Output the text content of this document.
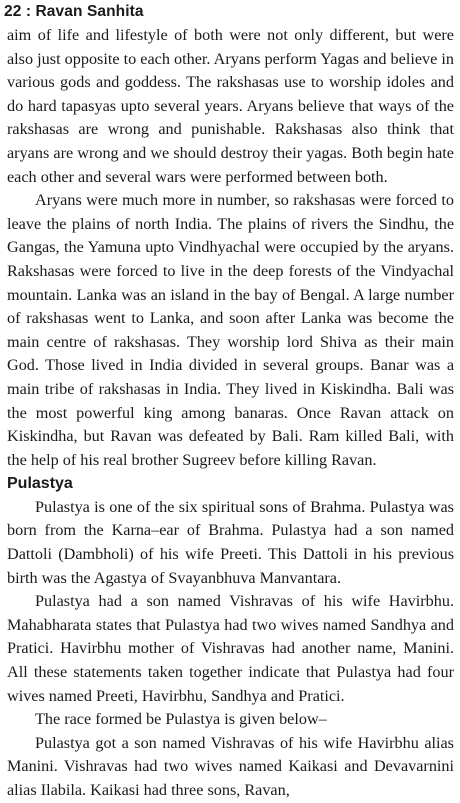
22 : Ravan Sanhita

aim of life and lifestyle of both were not only different, but were also just opposite to each other. Aryans perform Yagas and believe in various gods and goddess. The rakshasas use to worship idoles and do hard tapasyas upto several years. Aryans believe that ways of the rakshasas are wrong and punishable. Rakshasas also think that aryans are wrong and we should destroy their yagas. Both begin hate each other and several wars were performed between both.

Aryans were much more in number, so rakshasas were forced to leave the plains of north India. The plains of rivers the Sindhu, the Gangas, the Yamuna upto Vindhyachal were occupied by the aryans. Rakshasas were forced to live in the deep forests of the Vindyachal mountain. Lanka was an island in the bay of Bengal. A large number of rakshasas went to Lanka, and soon after Lanka was become the main centre of rakshasas. They worship lord Shiva as their main God. Those lived in India divided in several groups. Banar was a main tribe of rakshasas in India. They lived in Kiskindha. Bali was the most powerful king among banaras. Once Ravan attack on Kiskindha, but Ravan was defeated by Bali. Ram killed Bali, with the help of his real brother Sugreev before killing Ravan.

Pulastya

Pulastya is one of the six spiritual sons of Brahma. Pulastya was born from the Karna–ear of Brahma. Pulastya had a son named Dattoli (Dambholi) of his wife Preeti. This Dattoli in his previous birth was the Agastya of Svayanbhuva Manvantara.

Pulastya had a son named Vishravas of his wife Havirbhu. Mahabharata states that Pulastya had two wives named Sandhya and Pratici. Havirbhu mother of Vishravas had another name, Manini. All these statements taken together indicate that Pulastya had four wives named Preeti, Havirbhu, Sandhya and Pratici.

The race formed be Pulastya is given below–

Pulastya got a son named Vishravas of his wife Havirbhu alias Manini. Vishravas had two wives named Kaikasi and Devavarnini alias Ilabila. Kaikasi had three sons, Ravan,
